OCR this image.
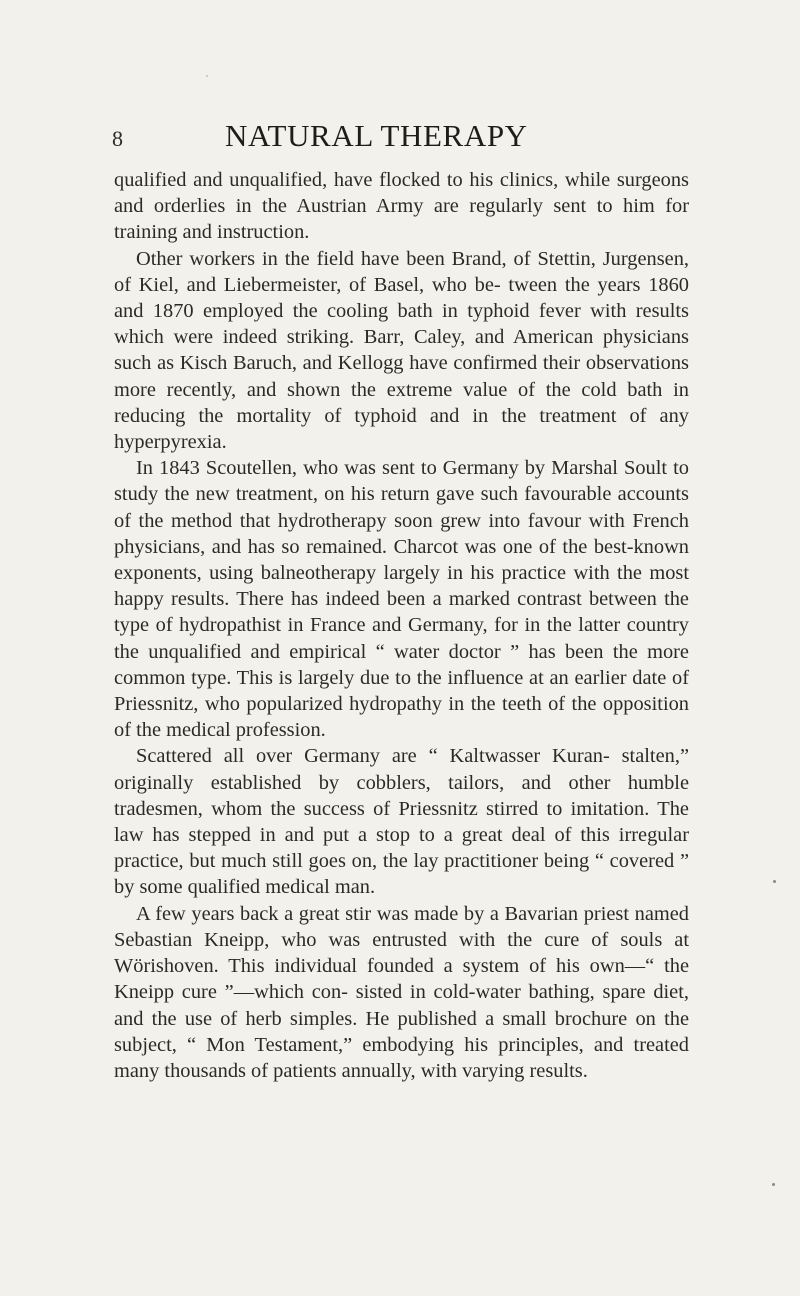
8	NATURAL THERAPY

qualified and unqualified, have flocked to his clinics, while surgeons and orderlies in the Austrian Army are regularly sent to him for training and instruction.

Other workers in the field have been Brand, of Stettin, Jurgensen, of Kiel, and Liebermeister, of Basel, who be- tween the years 1860 and 1870 employed the cooling bath in typhoid fever with results which were indeed striking. Barr, Caley, and American physicians such as Kisch Baruch, and Kellogg have confirmed their observations more recently, and shown the extreme value of the cold bath in reducing the mortality of typhoid and in the treatment of any hyperpyrexia.

In 1843 Scoutellen, who was sent to Germany by Marshal Soult to study the new treatment, on his return gave such favourable accounts of the method that hydrotherapy soon grew into favour with French physicians, and has so remained. Charcot was one of the best-known exponents, using balneotherapy largely in his practice with the most happy results. There has indeed been a marked contrast between the type of hydropathist in France and Germany, for in the latter country the unqualified and empirical “ water doctor ” has been the more common type. This is largely due to the influence at an earlier date of Priessnitz, who popularized hydropathy in the teeth of the opposition of the medical profession.

Scattered all over Germany are “ Kaltwasser Kuran- stalten,” originally established by cobblers, tailors, and other humble tradesmen, whom the success of Priessnitz stirred to imitation. The law has stepped in and put a stop to a great deal of this irregular practice, but much still goes on, the lay practitioner being “ covered ” by some qualified medical man.

A few years back a great stir was made by a Bavarian priest named Sebastian Kneipp, who was entrusted with the cure of souls at Wörishoven. This individual founded a system of his own—“ the Kneipp cure ”—which con- sisted in cold-water bathing, spare diet, and the use of herb simples. He published a small brochure on the subject, “ Mon Testament,” embodying his principles, and treated many thousands of patients annually, with varying results.
